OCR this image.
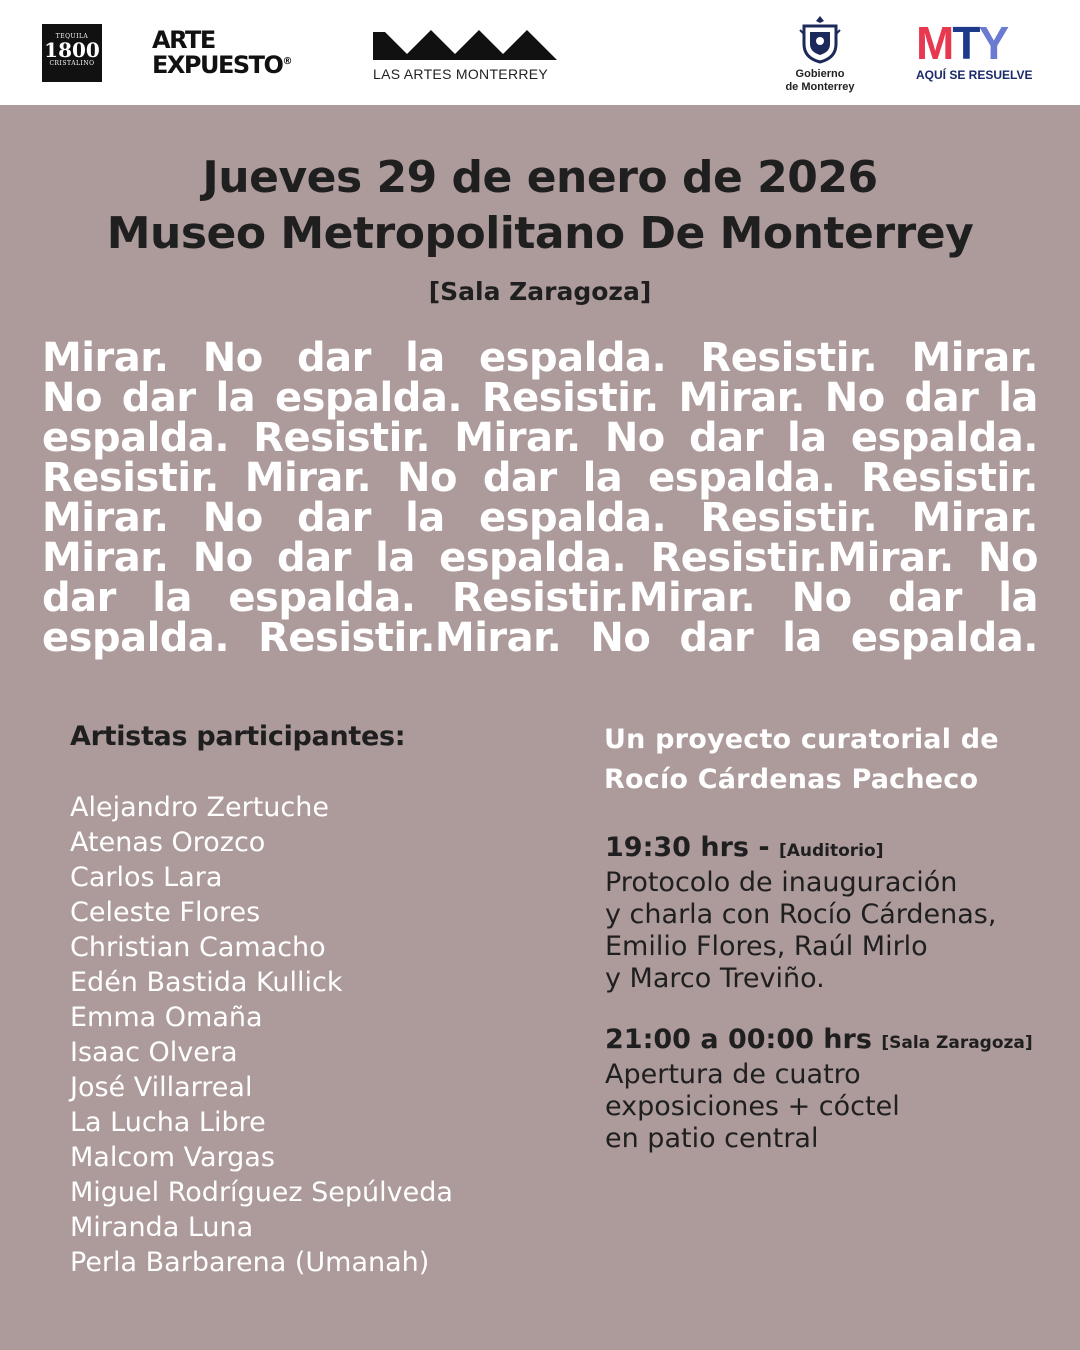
TEQUILA
1800
CRISTALINO
ARTE
EXPUESTO®
LAS ARTES MONTERREY	Gobierno
de Monterrey
MTY
AQUÍ SE RESUELVE
Jueves 29 de enero de 2026
Museo Metropolitano De Monterrey
[Sala Zaragoza]
Mirar. No dar la espalda. Resistir. Mirar.
No dar la espalda. Resistir. Mirar. No dar la
espalda. Resistir. Mirar. No dar la espalda.
Resistir. Mirar. No dar la espalda. Resistir.
Mirar. No dar la espalda. Resistir. Mirar.
Mirar. No dar la espalda. Resistir.Mirar. No
dar la espalda. Resistir.Mirar. No dar la
espalda. Resistir.Mirar. No dar la espalda.
Artistas participantes:
Alejandro Zertuche
Atenas Orozco
Carlos Lara
Celeste Flores
Christian Camacho
Edén Bastida Kullick
Emma Omaña
Isaac Olvera
José Villarreal
La Lucha Libre
Malcom Vargas
Miguel Rodríguez Sepúlveda
Miranda Luna
Perla Barbarena (Umanah)
Un proyecto curatorial de
Rocío Cárdenas Pacheco
19:30 hrs - [Auditorio]
Protocolo de inauguración
y charla con Rocío Cárdenas,
Emilio Flores, Raúl Mirlo
y Marco Treviño.
21:00 a 00:00 hrs [Sala Zaragoza]
Apertura de cuatro
exposiciones + cóctel
en patio central
